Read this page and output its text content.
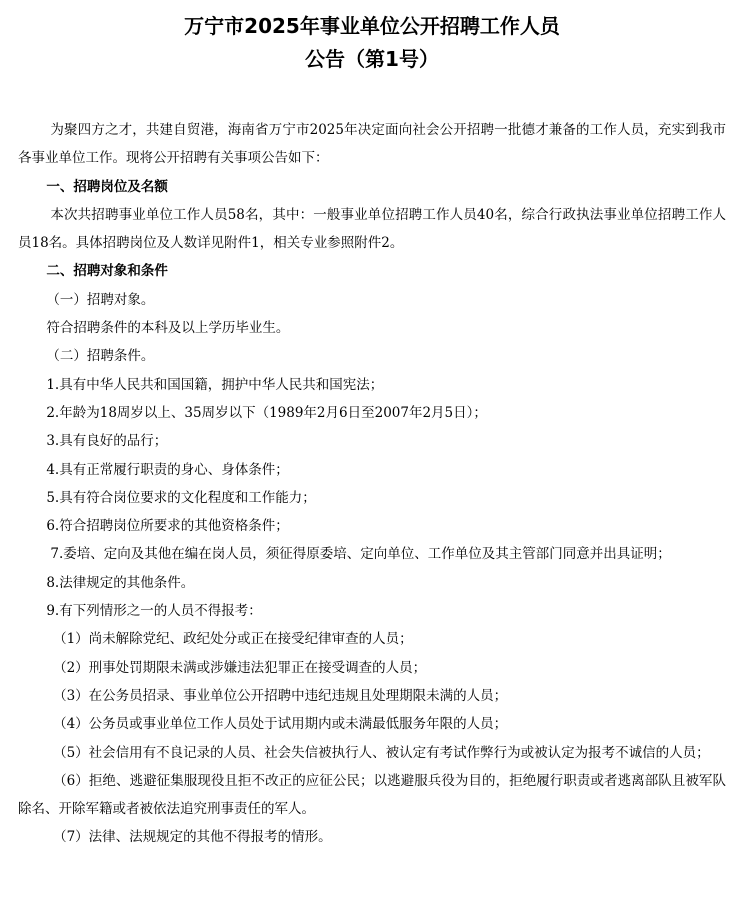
万宁市2025年事业单位公开招聘工作人员
公告（第1号）

为聚四方之才，共建自贸港，海南省万宁市2025年决定面向社会公开招聘一批德才兼备的工作人员，充实到我市各事业单位工作。现将公开招聘有关事项公告如下：

一、招聘岗位及名额

本次共招聘事业单位工作人员58名，其中：一般事业单位招聘工作人员40名，综合行政执法事业单位招聘工作人员18名。具体招聘岗位及人数详见附件1，相关专业参照附件2。

二、招聘对象和条件

（一）招聘对象。

符合招聘条件的本科及以上学历毕业生。

（二）招聘条件。

1.具有中华人民共和国国籍，拥护中华人民共和国宪法；

2.年龄为18周岁以上、35周岁以下（1989年2月6日至2007年2月5日）；

3.具有良好的品行；

4.具有正常履行职责的身心、身体条件；

5.具有符合岗位要求的文化程度和工作能力；

6.符合招聘岗位所要求的其他资格条件；

7.委培、定向及其他在编在岗人员，须征得原委培、定向单位、工作单位及其主管部门同意并出具证明；

8.法律规定的其他条件。

9.有下列情形之一的人员不得报考：

（1）尚未解除党纪、政纪处分或正在接受纪律审查的人员；

（2）刑事处罚期限未满或涉嫌违法犯罪正在接受调查的人员；

（3）在公务员招录、事业单位公开招聘中违纪违规且处理期限未满的人员；

（4）公务员或事业单位工作人员处于试用期内或未满最低服务年限的人员；

（5）社会信用有不良记录的人员、社会失信被执行人、被认定有考试作弊行为或被认定为报考不诚信的人员；

（6）拒绝、逃避征集服现役且拒不改正的应征公民；以逃避服兵役为目的，拒绝履行职责或者逃离部队且被军队除名、开除军籍或者被依法追究刑事责任的军人。

（7）法律、法规规定的其他不得报考的情形。
